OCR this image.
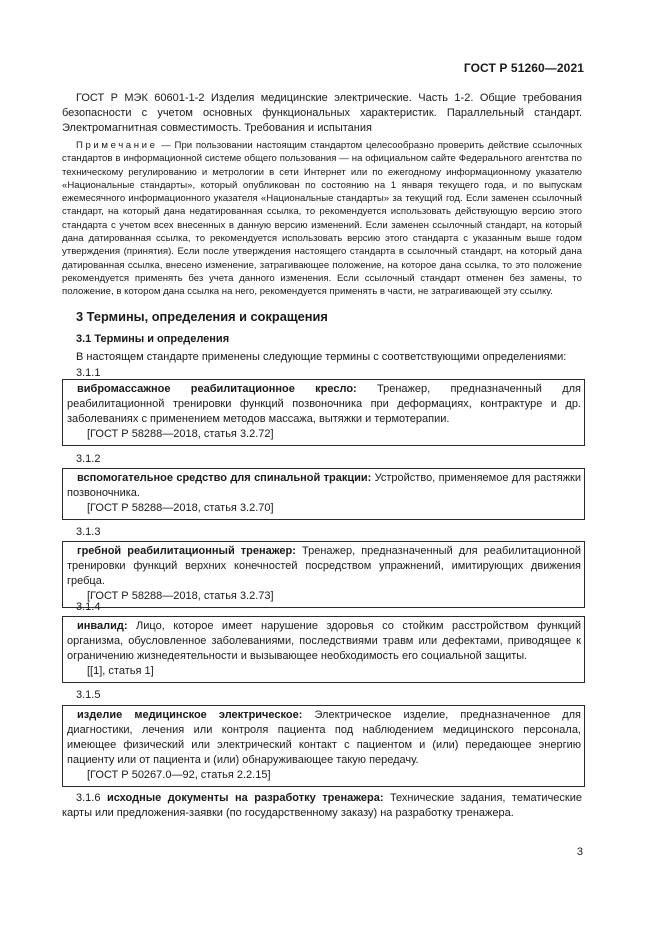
ГОСТ Р 51260—2021
ГОСТ Р МЭК 60601-1-2 Изделия медицинские электрические. Часть 1-2. Общие требования безопасности с учетом основных функциональных характеристик. Параллельный стандарт. Электромагнитная совместимость. Требования и испытания
Примечание — При пользовании настоящим стандартом целесообразно проверить действие ссылочных стандартов в информационной системе общего пользования — на официальном сайте Федерального агентства по техническому регулированию и метрологии в сети Интернет или по ежегодному информационному указателю «Национальные стандарты», который опубликован по состоянию на 1 января текущего года, и по выпускам ежемесячного информационного указателя «Национальные стандарты» за текущий год. Если заменен ссылочный стандарт, на который дана недатированная ссылка, то рекомендуется использовать действующую версию этого стандарта с учетом всех внесенных в данную версию изменений. Если заменен ссылочный стандарт, на который дана датированная ссылка, то рекомендуется использовать версию этого стандарта с указанным выше годом утверждения (принятия). Если после утверждения настоящего стандарта в ссылочный стандарт, на который дана датированная ссылка, внесено изменение, затрагивающее положение, на которое дана ссылка, то это положение рекомендуется применять без учета данного изменения. Если ссылочный стандарт отменен без замены, то положение, в котором дана ссылка на него, рекомендуется применять в части, не затрагивающей эту ссылку.
3 Термины, определения и сокращения
3.1 Термины и определения
В настоящем стандарте применены следующие термины с соответствующими определениями:
3.1.1

вибромассажное реабилитационное кресло: Тренажер, предназначенный для реабилитационной тренировки функций позвоночника при деформациях, контрактуре и др. заболеваниях с применением методов массажа, вытяжки и термотерапии.

[ГОСТ Р 58288—2018, статья 3.2.72]

3.1.2

вспомогательное средство для спинальной тракции: Устройство, применяемое для растяжки позвоночника.

[ГОСТ Р 58288—2018, статья 3.2.70]

3.1.3

гребной реабилитационный тренажер: Тренажер, предназначенный для реабилитационной тренировки функций верхних конечностей посредством упражнений, имитирующих движения гребца.

[ГОСТ Р 58288—2018, статья 3.2.73]

3.1.4

инвалид: Лицо, которое имеет нарушение здоровья со стойким расстройством функций организма, обусловленное заболеваниями, последствиями травм или дефектами, приводящее к ограничению жизнедеятельности и вызывающее необходимость его социальной защиты.

[[1], статья 1]

3.1.5

изделие медицинское электрическое: Электрическое изделие, предназначенное для диагностики, лечения или контроля пациента под наблюдением медицинского персонала, имеющее физический или электрический контакт с пациентом и (или) передающее энергию пациенту или от пациента и (или) обнаруживающее такую передачу.

[ГОСТ Р 50267.0—92, статья 2.2.15]

3.1.6 исходные документы на разработку тренажера: Технические задания, тематические карты или предложения-заявки (по государственному заказу) на разработку тренажера.
3
